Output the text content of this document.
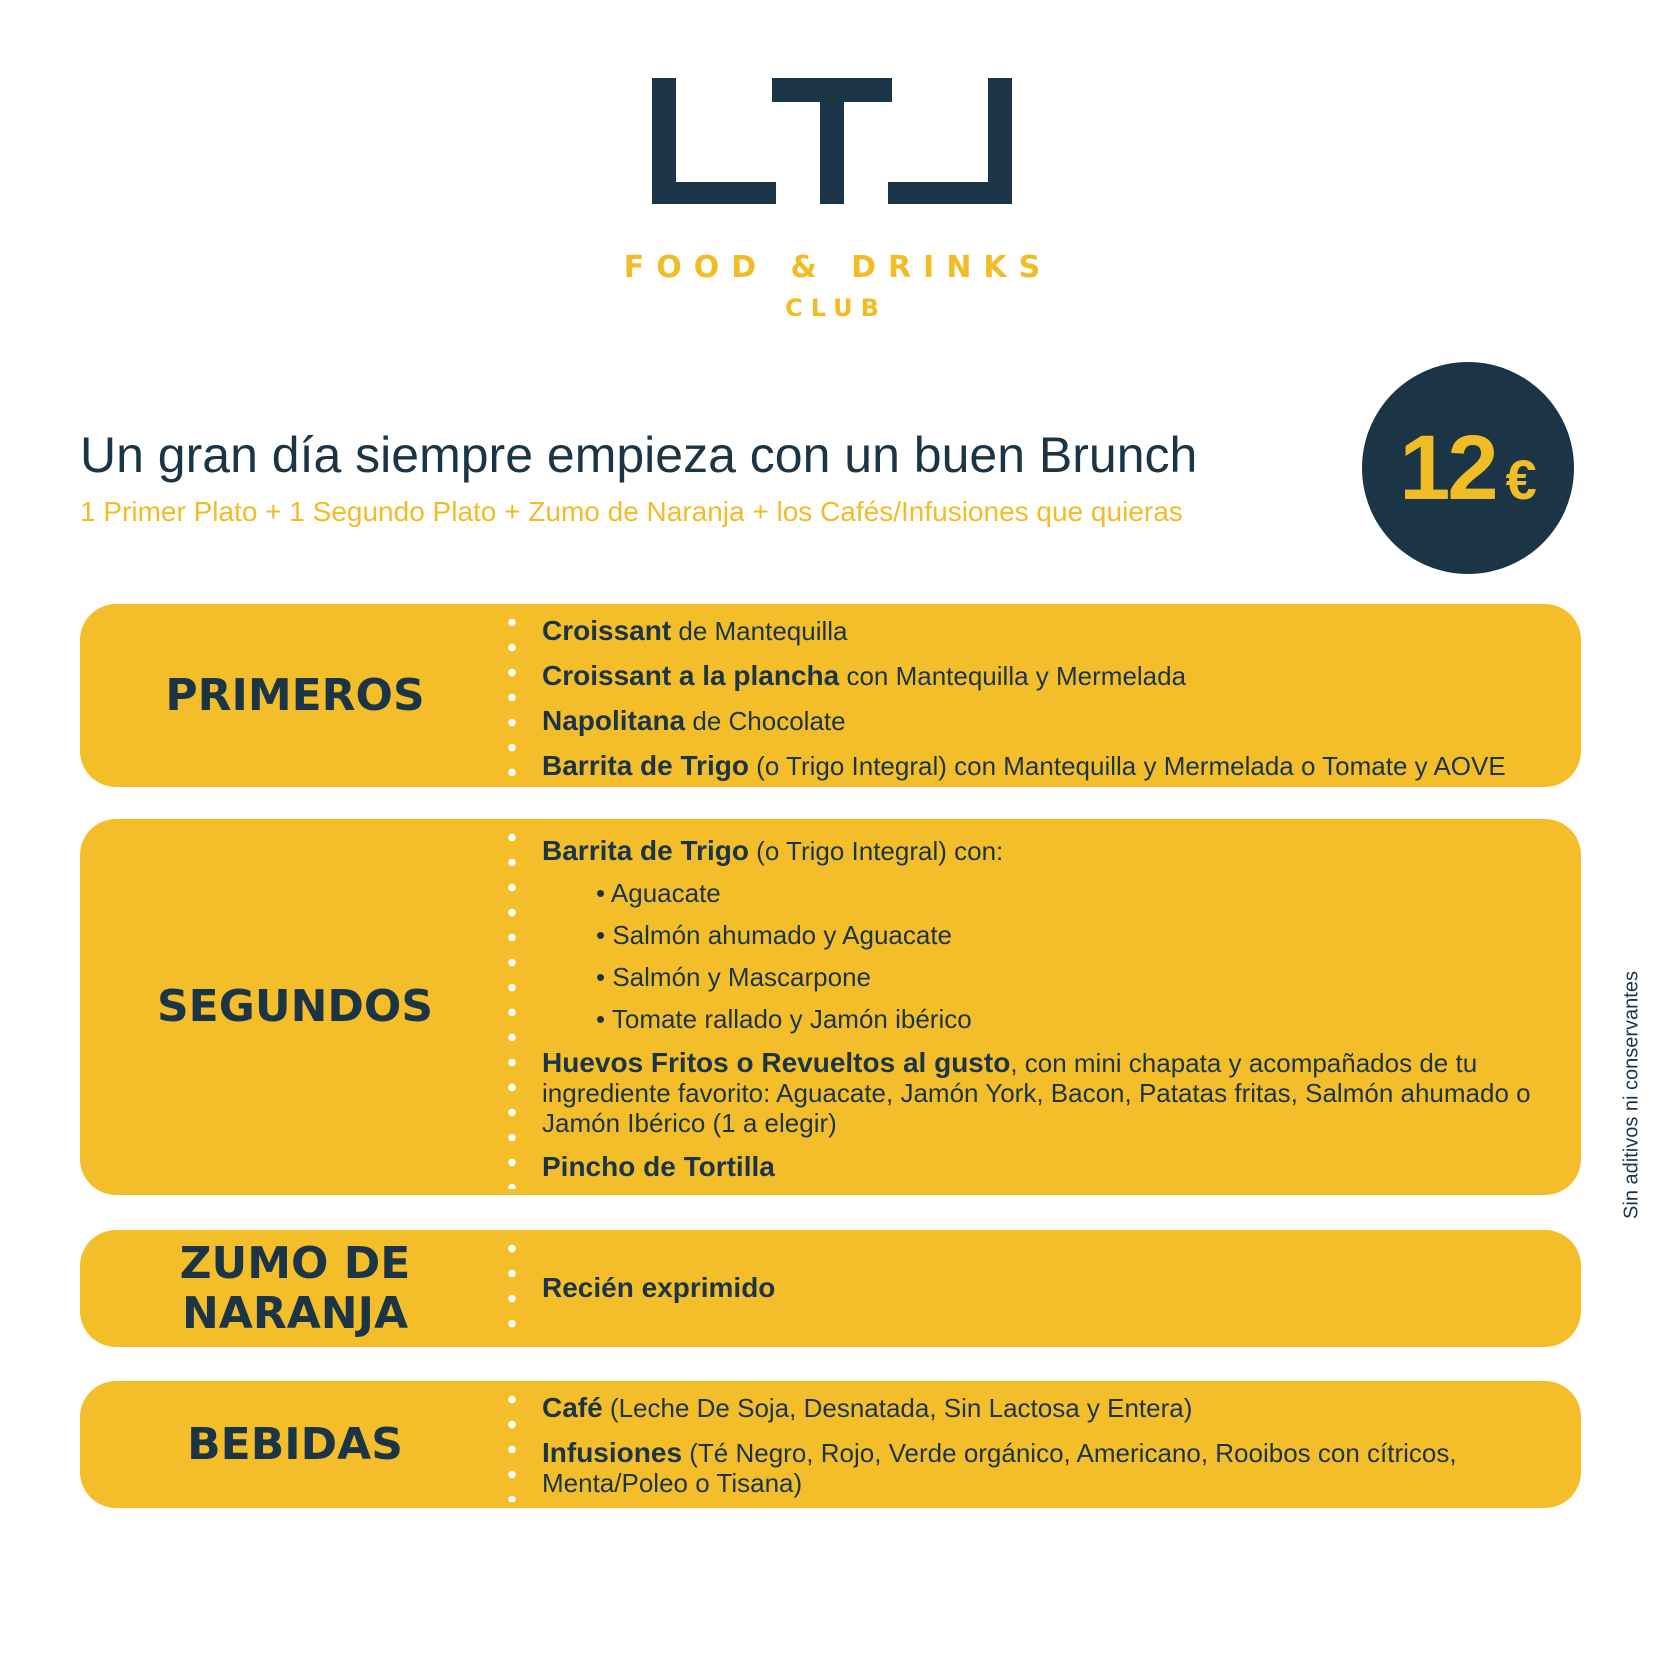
FOOD & DRINKS
CLUB
Un gran día siempre empieza con un buen Brunch
1 Primer Plato + 1 Segundo Plato + Zumo de Naranja + los Cafés/Infusiones que quieras 12 €
PRIMEROS
Croissant de Mantequilla
Croissant a la plancha con Mantequilla y Mermelada
Napolitana de Chocolate
Barrita de Trigo (o Trigo Integral) con Mantequilla y Mermelada o Tomate y AOVE
SEGUNDOS
Barrita de Trigo (o Trigo Integral) con:
• Aguacate
• Salmón ahumado y Aguacate
• Salmón y Mascarpone
• Tomate rallado y Jamón ibérico
Huevos Fritos o Revueltos al gusto, con mini chapata y acompañados de tu ingrediente favorito: Aguacate, Jamón York, Bacon, Patatas fritas, Salmón ahumado o Jamón Ibérico (1 a elegir)
Pincho de Tortilla
ZUMO DE
NARANJA	Recién exprimido
BEBIDAS
Café (Leche De Soja, Desnatada, Sin Lactosa y Entera)
Infusiones (Té Negro, Rojo, Verde orgánico, Americano, Rooibos con cítricos, Menta/Poleo o Tisana)
Sin aditivos ni conservantes
